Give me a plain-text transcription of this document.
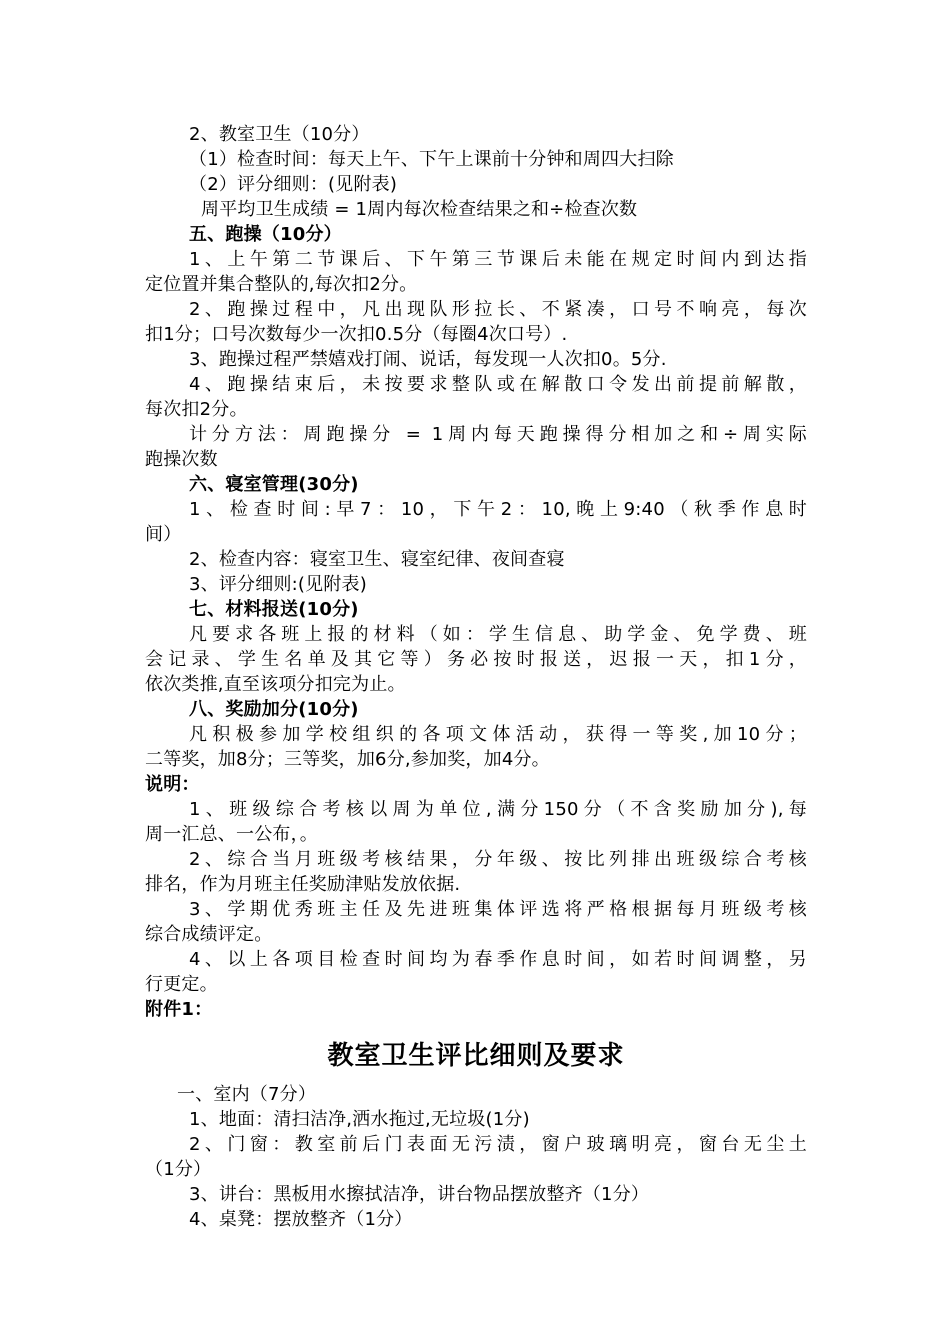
2、教室卫生（10分）
（1）检查时间：每天上午、下午上课前十分钟和周四大扫除
（2）评分细则：(见附表)
周平均卫生成绩 = 1周内每次检查结果之和÷检查次数
五、跑操（10分）
1、上午第二节课后、下午第三节课后未能在规定时间内到达指
定位置并集合整队的,每次扣2分。
2、跑操过程中，凡出现队形拉长、不紧凑，口号不响亮，每次
扣1分；口号次数每少一次扣0.5分（每圈4次口号）.
3、跑操过程严禁嬉戏打闹、说话，每发现一人次扣0。5分.
4、跑操结束后，未按要求整队或在解散口令发出前提前解散，
每次扣2分。
计分方法：周跑操分 = 1周内每天跑操得分相加之和÷周实际
跑操次数
六、寝室管理(30分)
1、检查时间:早7：10，下午2：10,晚上9:40（秋季作息时
间）
2、检查内容：寝室卫生、寝室纪律、夜间查寝
3、评分细则:(见附表)
七、材料报送(10分)
凡要求各班上报的材料（如：学生信息、助学金、免学费、班
会记录、学生名单及其它等）务必按时报送，迟报一天，扣1分，
依次类推,直至该项分扣完为止。
八、奖励加分(10分)
凡积极参加学校组织的各项文体活动，获得一等奖,加10分；
二等奖，加8分；三等奖，加6分,参加奖，加4分。
说明：
1、班级综合考核以周为单位,满分150分（不含奖励加分),每
周一汇总、一公布，。
2、综合当月班级考核结果，分年级、按比列排出班级综合考核
排名，作为月班主任奖励津贴发放依据.
3、学期优秀班主任及先进班集体评选将严格根据每月班级考核
综合成绩评定。
4、以上各项目检查时间均为春季作息时间，如若时间调整，另
行更定。
附件1：
教室卫生评比细则及要求
一、室内（7分）
1、地面：清扫洁净,洒水拖过,无垃圾(1分)
2、门窗：教室前后门表面无污渍，窗户玻璃明亮，窗台无尘土
（1分）
3、讲台：黑板用水擦拭洁净，讲台物品摆放整齐（1分）
4、桌凳：摆放整齐（1分）
